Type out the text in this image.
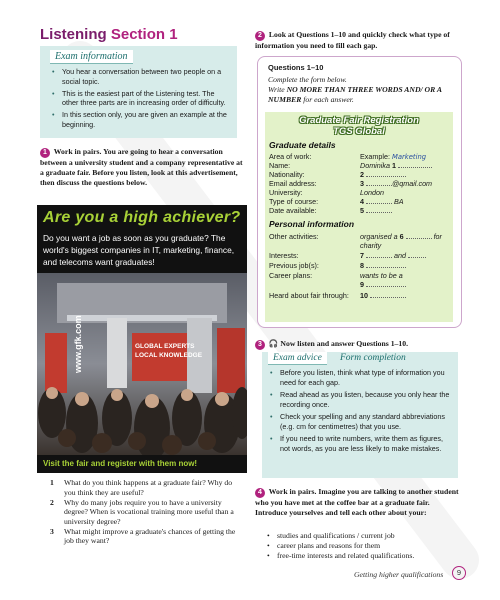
Listening Section 1
Exam information
• You hear a conversation between two people on a social topic.
• This is the easiest part of the Listening test. The other three parts are in increasing order of difficulty.
• In this section only, you are given an example at the beginning.
1 Work in pairs. You are going to hear a conversation between a university student and a company representative at a graduate fair. Before you listen, look at this advertisement, then discuss the questions below.
Are you a high achiever?
Do you want a job as soon as you graduate? The world's biggest companies in IT, marketing, finance, and telecoms want graduates!
www.gfk.com	GLOBAL EXPERTS
LOCAL KNOWLEDGE
Visit the fair and register with them now!
1 What do you think happens at a graduate fair? Why do you think they are useful?
2 Why do many jobs require you to have a university degree? When is vocational training more useful than a university degree?
3 What might improve a graduate's chances of getting the job they want?
2 Look at Questions 1–10 and quickly check what type of information you need to fill each gap.
Questions 1–10
Complete the form below.
Write NO MORE THAN THREE WORDS AND/ OR A NUMBER for each answer.
Graduate Fair Registration
TGS Global
Graduate details
Area of work:	Example: Marketing
Name:	Dominika 1
Nationality:	2
Email address:	3	@qmail.com
University:	London
Type of course:	4	BA
Date available:	5
Personal information
Other activities:	organised a 6	for charity
Interests:	7	and
Previous job(s):	8
Career plans:	wants to be a
9
Heard about fair through:	10
3 🎧 Now listen and answer Questions 1–10.
Exam advice	Form completion
• Before you listen, think what type of information you need for each gap.
• Read ahead as you listen, because you only hear the recording once.
• Check your spelling and any standard abbreviations (e.g. cm for centimetres) that you use.
• If you need to write numbers, write them as figures, not words, as you are less likely to make mistakes.
4 Work in pairs. Imagine you are talking to another student who you have met at the coffee bar at a graduate fair. Introduce yourselves and tell each other about your:
• studies and qualifications / current job
• career plans and reasons for them
• free-time interests and related qualifications.
Getting higher qualifications	9
